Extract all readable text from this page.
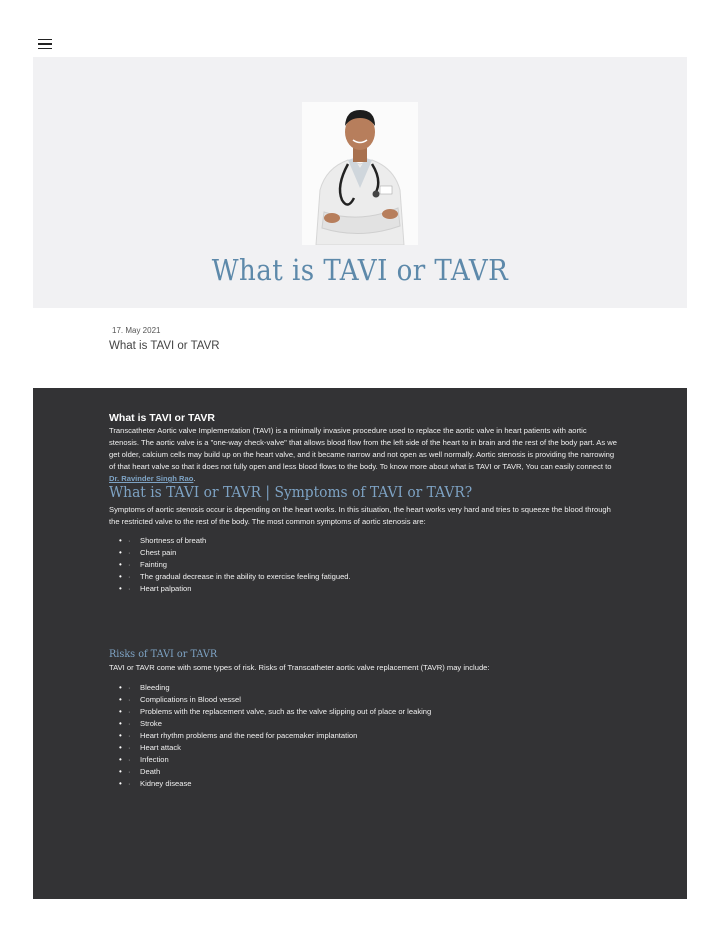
What is TAVI or TAVR
17. May 2021
What is TAVI or TAVR
What is TAVI or TAVR
Transcatheter Aortic valve Implementation (TAVI) is a minimally invasive procedure used to replace the aortic valve in heart patients with aortic stenosis. The aortic valve is a "one-way check-valve" that allows blood flow from the left side of the heart to in brain and the rest of the body part. As we get older, calcium cells may build up on the heart valve, and it became narrow and not open as well normally. Aortic stenosis is providing the narrowing of that heart valve so that it does not fully open and less blood flows to the body. To know more about what is TAVI or TAVR, You can easily connect to Dr. Ravinder Singh Rao.
What is TAVI or TAVR | Symptoms of TAVI or TAVR?
Symptoms of aortic stenosis occur is depending on the heart works. In this situation, the heart works very hard and tries to squeeze the blood through the restricted valve to the rest of the body. The most common symptoms of aortic stenosis are:
• Shortness of breath ·
• Chest pain ·
• Fainting ·
• The gradual decrease in the ability to exercise feeling fatigued. ·
• Heart palpation ·
Risks of TAVI or TAVR
TAVI or TAVR come with some types of risk. Risks of Transcatheter aortic valve replacement (TAVR) may include:
• Bleeding ·
• Complications in Blood vessel ·
• Problems with the replacement valve, such as the valve slipping out of place or leaking ·
• Stroke ·
• Heart rhythm problems and the need for pacemaker implantation ·
• Heart attack ·
• Infection ·
• Death ·
• Kidney disease ·
